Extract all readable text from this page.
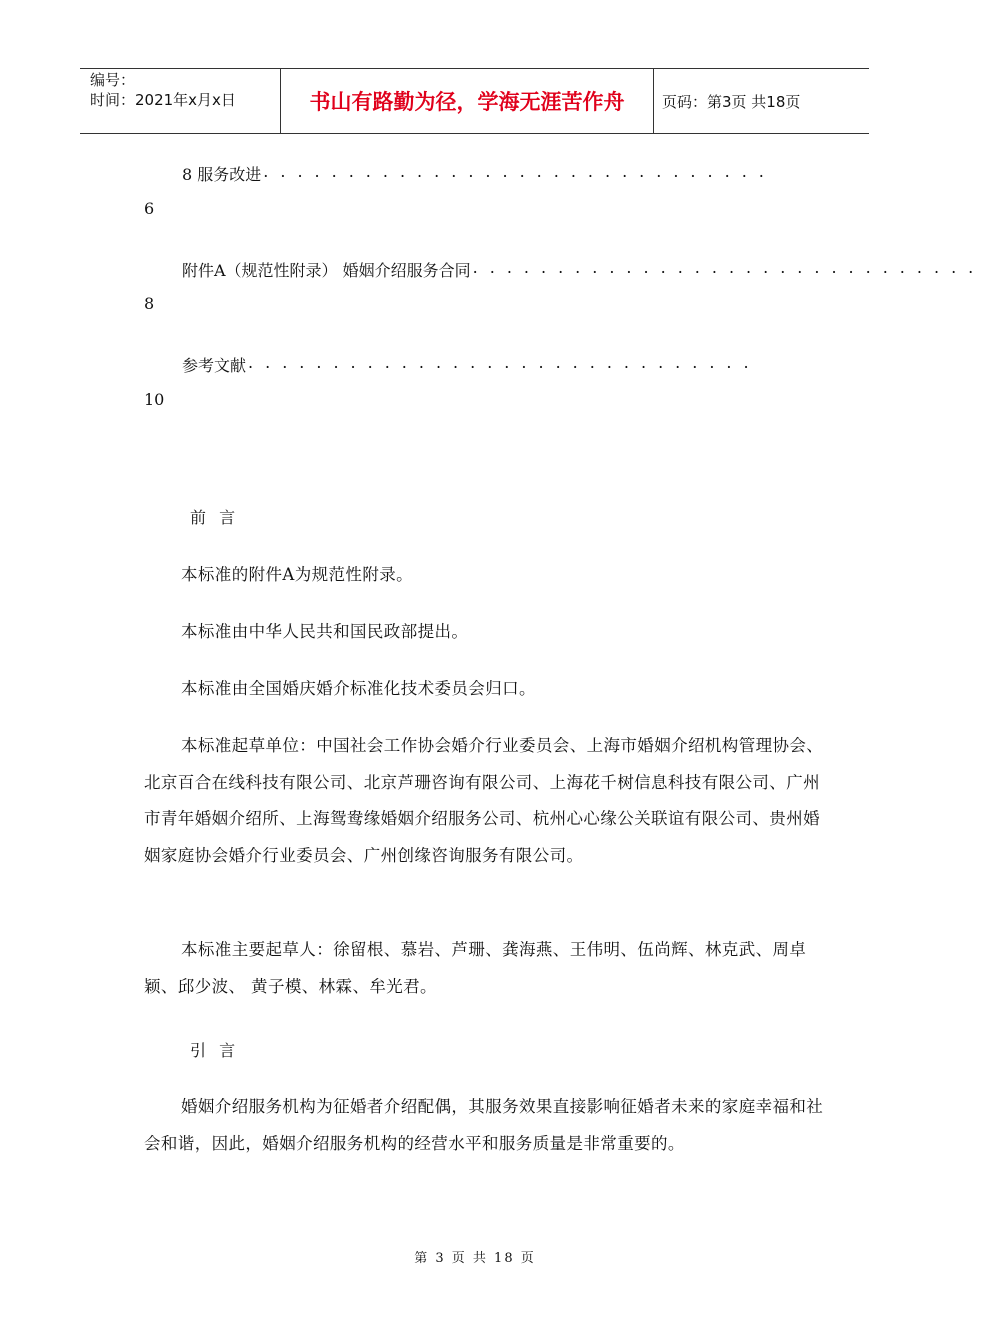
编号：
时间：2021年x月x日	书山有路勤为径，学海无涯苦作舟	页码：第3页 共18页
8 服务改进 ..............................
6
附件A（规范性附录） 婚姻介绍服务合同 ..............................
8
参考文献 ..............................
10
前 言
本标准的附件A为规范性附录。
本标准由中华人民共和国民政部提出。
本标准由全国婚庆婚介标准化技术委员会归口。
本标准起草单位：中国社会工作协会婚介行业委员会、上海市婚姻介绍机构管理协会、北京百合在线科技有限公司、北京芦珊咨询有限公司、上海花千树信息科技有限公司、广州市青年婚姻介绍所、上海鸳鸯缘婚姻介绍服务公司、杭州心心缘公关联谊有限公司、贵州婚姻家庭协会婚介行业委员会、广州创缘咨询服务有限公司。
本标准主要起草人：徐留根、慕岩、芦珊、龚海燕、王伟明、伍尚辉、林克武、周卓颖、邱少波、 黄子模、林霖、牟光君。
引 言
婚姻介绍服务机构为征婚者介绍配偶，其服务效果直接影响征婚者未来的家庭幸福和社会和谐，因此，婚姻介绍服务机构的经营水平和服务质量是非常重要的。
第 3 页 共 18 页
